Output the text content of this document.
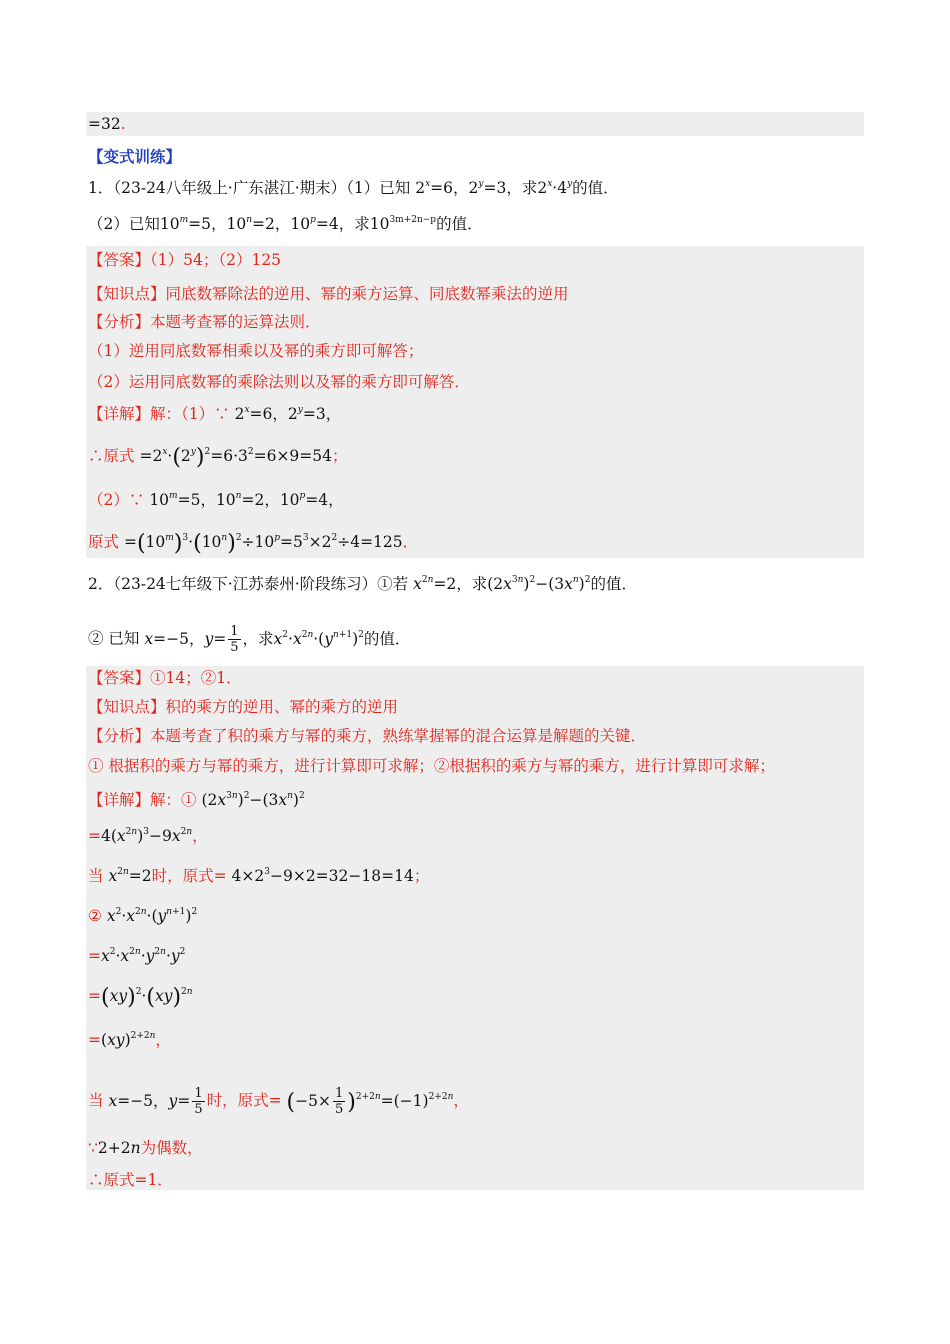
=32.
【变式训练】
1．（23-24八年级上·广东湛江·期末）（1）已知 $2^x=6$，$2^y=3$，求$2^x\cdot 4^y$的值．
（2）已知$10^m=5$，$10^n=2$，$10^p=4$，求$10^{3m+2n-p}$的值．
【答案】（1）54；（2）125
【知识点】同底数幂除法的逆用、幂的乘方运算、同底数幂乘法的逆用
【分析】本题考查幂的运算法则．
（1）逆用同底数幂相乘以及幂的乘方即可解答；
（2）运用同底数幂的乘除法则以及幂的乘方即可解答．
【详解】解：（1）∵ $2^x=6$，$2^y=3$，
∴原式 $=2^x\cdot(2^y)^2=6\cdot 3^2=6\times 9=54$；
（2）∵ $10^m=5$，$10^n=2$，$10^p=4$，
原式 $=(10^m)^3\cdot(10^n)^2\div 10^p=5^3\times 2^2\div 4=125$．
2．（23-24七年级下·江苏泰州·阶段练习）①若 $x^{2n}=2$，求$(2x^{3n})^2-(3x^n)^2$的值．
② 已知 x=−5，$y= \frac{1}{5}$ ，求$x^2\cdot x^{2n}\cdot(y^{n+1})^2$的值．
【答案】①14；②1．
【知识点】积的乘方的逆用、幂的乘方的逆用
【分析】本题考查了积的乘方与幂的乘方，熟练掌握幂的混合运算是解题的关键．
① 根据积的乘方与幂的乘方，进行计算即可求解；②根据积的乘方与幂的乘方，进行计算即可求解；
【详解】解：① $(2x^{3n})^2-(3x^n)^2$
$=4(x^{2n})^3-9x^{2n}$，
当 $x^{2n}=2$时，原式= $4\times 2^3-9\times 2=32-18=14$；
② $x^2\cdot x^{2n}\cdot(y^{n+1})^2$
$=x^2\cdot x^{2n}\cdot y^{2n}\cdot y^2$
=(xy)$^2$·(xy)$^{2n}$
=(xy)$^{2+2n}$，
当 x=−5，$y= \frac{1}{5}$ 时，原式= $(-5\times \frac{1}{5} )^{2+2n}=(-1)^{2+2n}$，
∵2+2n为偶数，
∴原式=1．
